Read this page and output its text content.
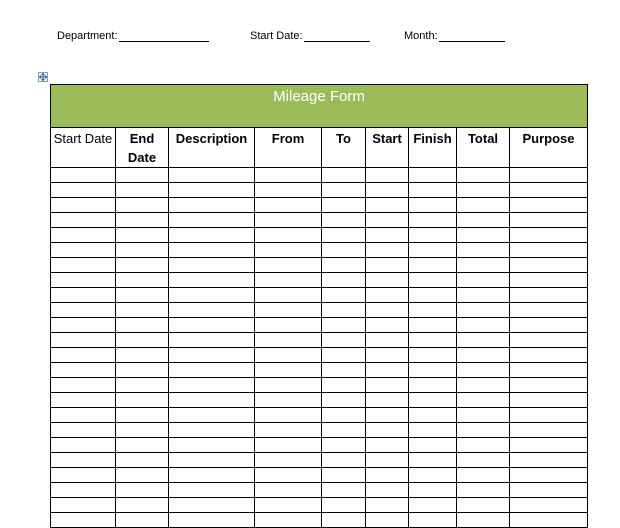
Department:	Start Date:	Month:
Mileage Form								
Start Date	End Date	Description	From	To	Start	Finish	Total	Purpose
